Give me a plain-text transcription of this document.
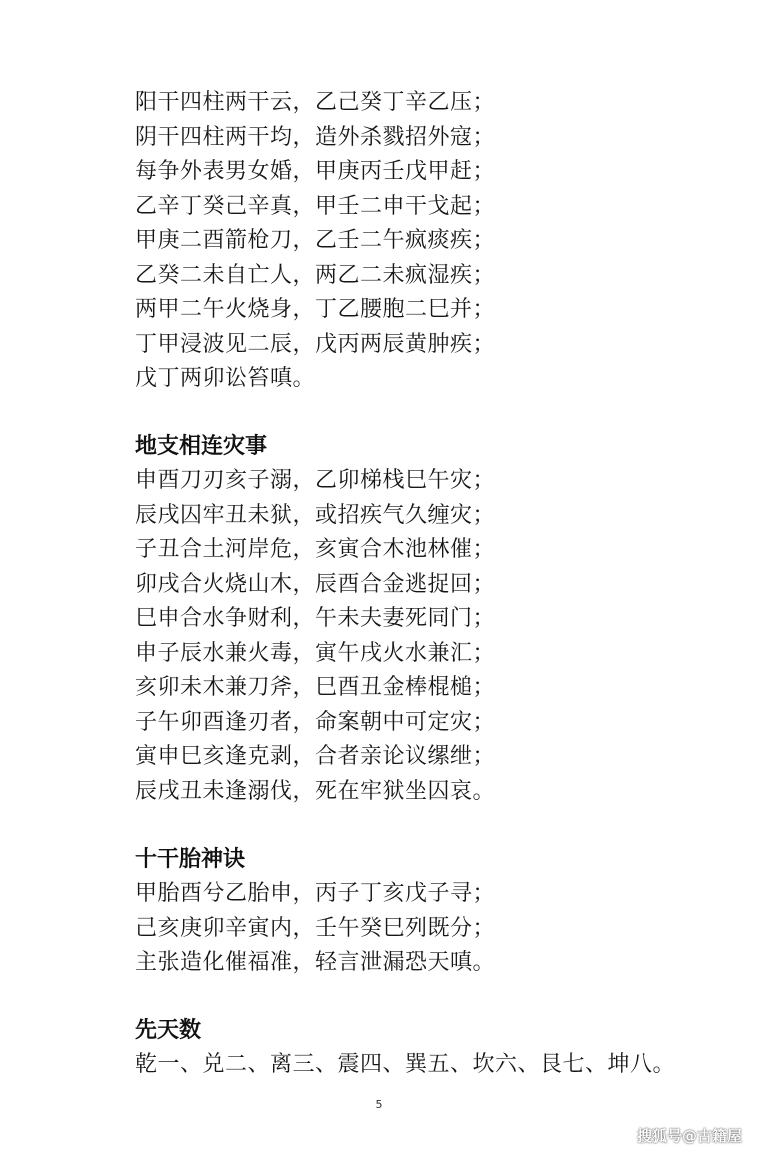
阳干四柱两干云，乙己癸丁辛乙压；
阴干四柱两干均，造外杀戮招外寇；
每争外表男女婚，甲庚丙壬戊甲赶；
乙辛丁癸己辛真，甲壬二申干戈起；
甲庚二酉箭枪刀，乙壬二午疯痰疾；
乙癸二未自亡人，两乙二未疯湿疾；
两甲二午火烧身，丁乙腰胞二巳并；
丁甲浸波见二辰，戊丙两辰黄肿疾；
戊丁两卯讼笞嗔。
地支相连灾事
申酉刀刃亥子溺，乙卯梯栈巳午灾；
辰戌囚牢丑未狱，或招疾气久缠灾；
子丑合土河岸危，亥寅合木池林催；
卯戌合火烧山木，辰酉合金逃捉回；
巳申合水争财利，午未夫妻死同门；
申子辰水兼火毒，寅午戌火水兼汇；
亥卯未木兼刀斧，巳酉丑金棒棍槌；
子午卯酉逢刃者，命案朝中可定灾；
寅申巳亥逢克剥，合者亲论议缧绁；
辰戌丑未逢溺伐，死在牢狱坐囚哀。
十干胎神诀
甲胎酉兮乙胎申，丙子丁亥戊子寻；
己亥庚卯辛寅内，壬午癸巳列既分；
主张造化催福准，轻言泄漏恐天嗔。
先天数
乾一、兑二、离三、震四、巽五、坎六、艮七、坤八。
5
搜狐号@古籍屋
